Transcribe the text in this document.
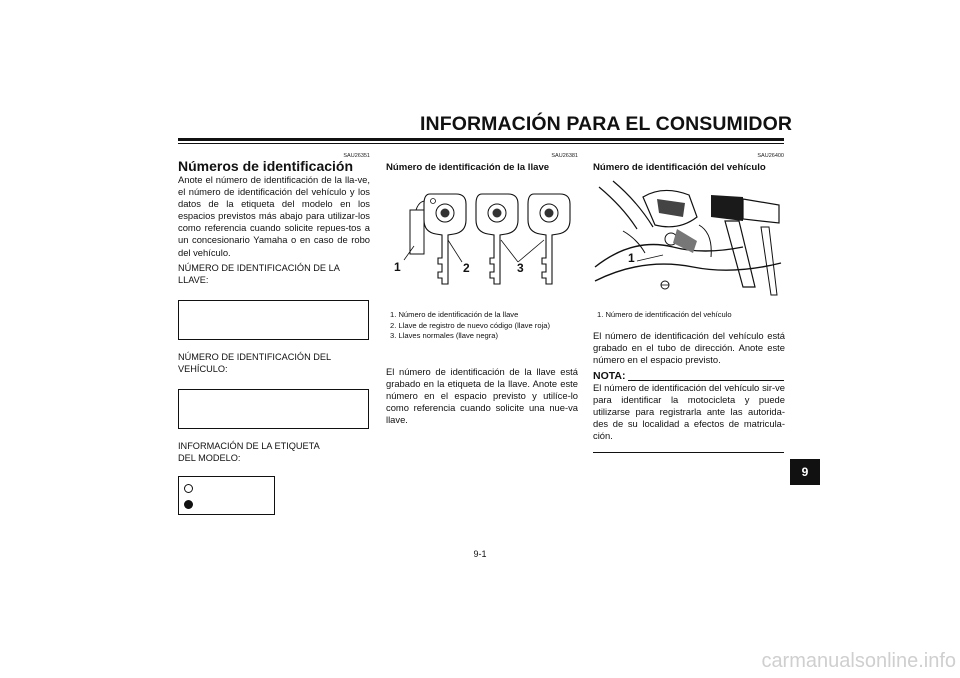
INFORMACIÓN PARA EL CONSUMIDOR
SAU26351
Números de identificación
Anote el número de identificación de la lla-ve, el número de identificación del vehículo y los datos de la etiqueta del modelo en los espacios previstos más abajo para utilizar-los como referencia cuando solicite repues-tos a un concesionario Yamaha o en caso de robo del vehículo.
NÚMERO DE IDENTIFICACIÓN DE LA LLAVE:
NÚMERO DE IDENTIFICACIÓN DEL VEHÍCULO:
INFORMACIÓN DE LA ETIQUETA
DEL MODELO:
SAU26381
Número de identificación de la llave
1	2	3
1. Número de identificación de la llave
2. Llave de registro de nuevo código (llave roja)
3. Llaves normales (llave negra)
El número de identificación de la llave está grabado en la etiqueta de la llave. Anote este número en el espacio previsto y utilíce-lo como referencia cuando solicite una nue-va llave.
SAU26400
Número de identificación del vehículo
1
1. Número de identificación del vehículo
El número de identificación del vehículo está grabado en el tubo de dirección. Anote este número en el espacio previsto.
NOTA:
El número de identificación del vehículo sir-ve para identificar la motocicleta y puede utilizarse para registrarla ante las autorida-des de su localidad a efectos de matricula-ción.
9
9-1
carmanualsonline.info
